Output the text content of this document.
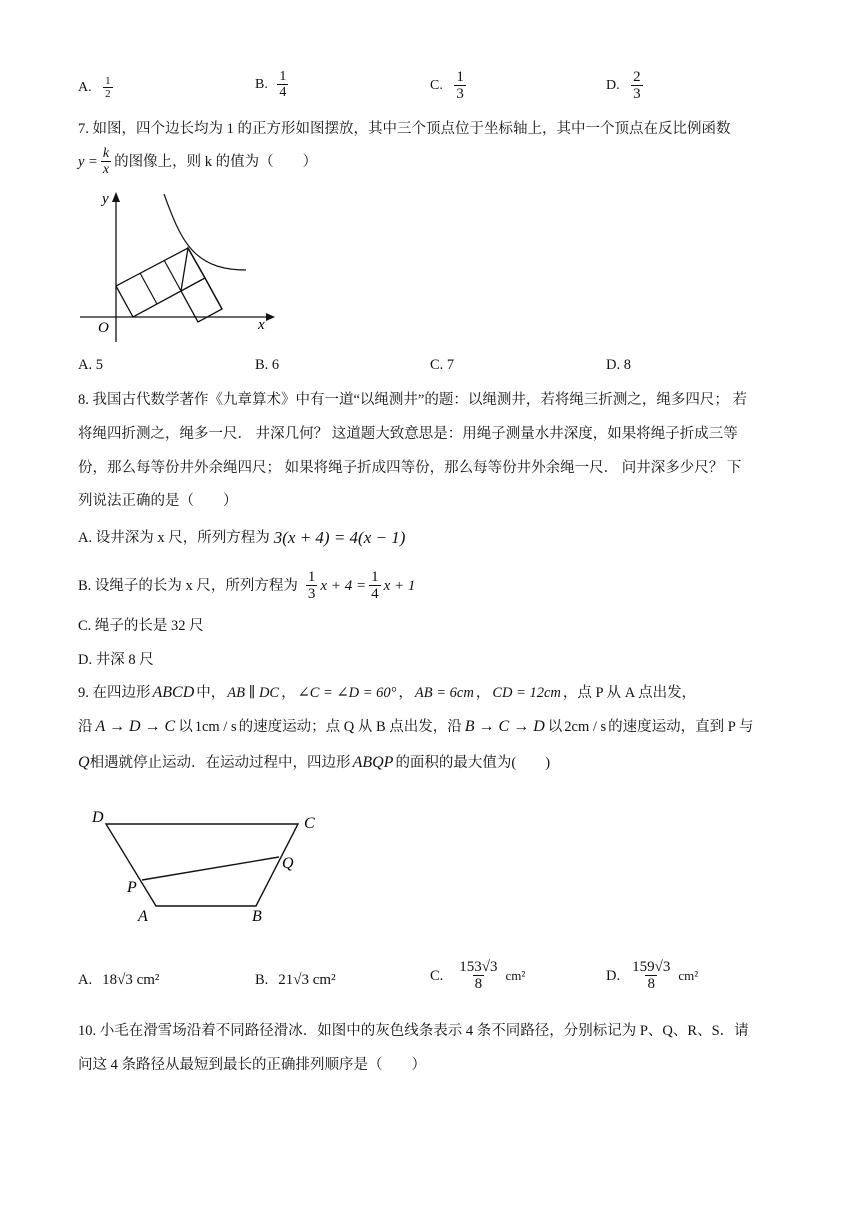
A. $\frac{1}{2}$	B. $\frac{1}{4}$	C. $\frac{1}{3}$	D. $\frac{2}{3}$
7. 如图，四个边长均为 1 的正方形如图摆放，其中三个顶点位于坐标轴上，其中一个顶点在反比例函数
$y = \frac{k}{x}$ 的图像上，则 k 的值为（　　）
y
x
O
A. 5	B. 6	C. 7	D. 8
8. 我国古代数学著作《九章算术》中有一道“以绳测井”的题：以绳测井，若将绳三折测之，绳多四尺； 若
将绳四折测之，绳多一尺． 井深几何？ 这道题大致意思是：用绳子测量水井深度，如果将绳子折成三等
份，那么每等份井外余绳四尺； 如果将绳子折成四等份，那么每等份井外余绳一尺． 问井深多少尺？ 下
列说法正确的是（　　）
A. 设井深为 x 尺，所列方程为 3(x + 4) = 4(x − 1)
B. 设绳子的长为 x 尺，所列方程为 $\frac{1}{3}$ $x + 4 = \frac{1}{4}$ x + 1
C. 绳子的长是 32 尺
D. 井深 8 尺
9. 在四边形 ABCD 中， AB ∥ DC ， ∠C = ∠D = 60° ， AB = 6cm ， CD = 12cm ，点 P 从 A 点出发，
沿 A → D → C 以 1cm / s 的速度运动；点 Q 从 B 点出发，沿 B → C → D 以 2cm / s 的速度运动，直到 P 与
Q 相遇就停止运动．在运动过程中，四边形 ABQP 的面积的最大值为(　　)
D	C
Q
P
A	B
A. 18√3 cm²	B. 21√3 cm²	C. $\frac{153√3}{8} cm^2$	D. $\frac{159√3}{8} cm^2$
10. 小毛在滑雪场沿着不同路径滑冰．如图中的灰色线条表示 4 条不同路径，分别标记为 P、Q、R、S．请
问这 4 条路径从最短到最长的正确排列顺序是（　　）
